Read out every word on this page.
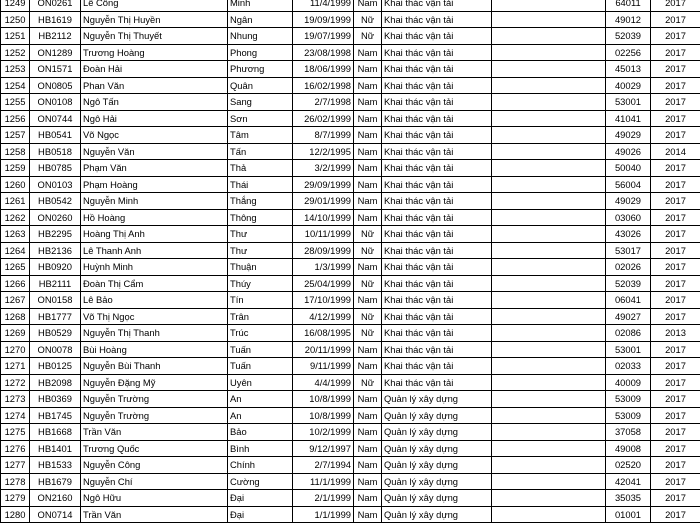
1249	ON0261	Lê Công	Minh	11/4/1999	Nam	Khai thác vận tải		64011	2017
1250	HB1619	Nguyễn Thị Huyền	Ngân	19/09/1999	Nữ	Khai thác vận tải		49012	2017
1251	HB2112	Nguyễn Thị Thuyết	Nhung	19/07/1999	Nữ	Khai thác vận tải		52039	2017
1252	ON1289	Trương Hoàng	Phong	23/08/1998	Nam	Khai thác vận tải		02256	2017
1253	ON1571	Đoàn Hải	Phương	18/06/1999	Nam	Khai thác vận tải		45013	2017
1254	ON0805	Phan Văn	Quân	16/02/1998	Nam	Khai thác vận tải		40029	2017
1255	ON0108	Ngô Tấn	Sang	2/7/1998	Nam	Khai thác vận tải		53001	2017
1256	ON0744	Ngô Hải	Sơn	26/02/1999	Nam	Khai thác vận tải		41041	2017
1257	HB0541	Võ Ngọc	Tâm	8/7/1999	Nam	Khai thác vận tải		49029	2017
1258	HB0518	Nguyễn Văn	Tấn	12/2/1995	Nam	Khai thác vận tải		49026	2014
1259	HB0785	Phạm Văn	Thả	3/2/1999	Nam	Khai thác vận tải		50040	2017
1260	ON0103	Phạm Hoàng	Thái	29/09/1999	Nam	Khai thác vận tải		56004	2017
1261	HB0542	Nguyễn Minh	Thắng	29/01/1999	Nam	Khai thác vận tải		49029	2017
1262	ON0260	Hồ Hoàng	Thông	14/10/1999	Nam	Khai thác vận tải		03060	2017
1263	HB2295	Hoàng Thị Anh	Thư	10/11/1999	Nữ	Khai thác vận tải		43026	2017
1264	HB2136	Lê Thanh Anh	Thư	28/09/1999	Nữ	Khai thác vận tải		53017	2017
1265	HB0920	Huỳnh Minh	Thuận	1/3/1999	Nam	Khai thác vận tải		02026	2017
1266	HB2111	Đoàn Thị Cẩm	Thúy	25/04/1999	Nữ	Khai thác vận tải		52039	2017
1267	ON0158	Lê Bảo	Tín	17/10/1999	Nam	Khai thác vận tải		06041	2017
1268	HB1777	Võ Thị Ngọc	Trân	4/12/1999	Nữ	Khai thác vận tải		49027	2017
1269	HB0529	Nguyễn Thị Thanh	Trúc	16/08/1995	Nữ	Khai thác vận tải		02086	2013
1270	ON0078	Bùi Hoàng	Tuấn	20/11/1999	Nam	Khai thác vận tải		53001	2017
1271	HB0125	Nguyễn Bùi Thanh	Tuấn	9/11/1999	Nam	Khai thác vận tải		02033	2017
1272	HB2098	Nguyễn Đặng Mỹ	Uyên	4/4/1999	Nữ	Khai thác vận tải		40009	2017
1273	HB0369	Nguyễn Trường	An	10/8/1999	Nam	Quản lý xây dựng		53009	2017
1274	HB1745	Nguyễn Trường	An	10/8/1999	Nam	Quản lý xây dựng		53009	2017
1275	HB1668	Trần Văn	Bảo	10/2/1999	Nam	Quản lý xây dựng		37058	2017
1276	HB1401	Trương Quốc	Bình	9/12/1997	Nam	Quản lý xây dựng		49008	2017
1277	HB1533	Nguyễn Công	Chính	2/7/1994	Nam	Quản lý xây dựng		02520	2017
1278	HB1679	Nguyễn Chí	Cường	11/1/1999	Nam	Quản lý xây dựng		42041	2017
1279	ON2160	Ngô Hữu	Đại	2/1/1999	Nam	Quản lý xây dựng		35035	2017
1280	ON0714	Trần Văn	Đại	1/1/1999	Nam	Quản lý xây dựng		01001	2017
